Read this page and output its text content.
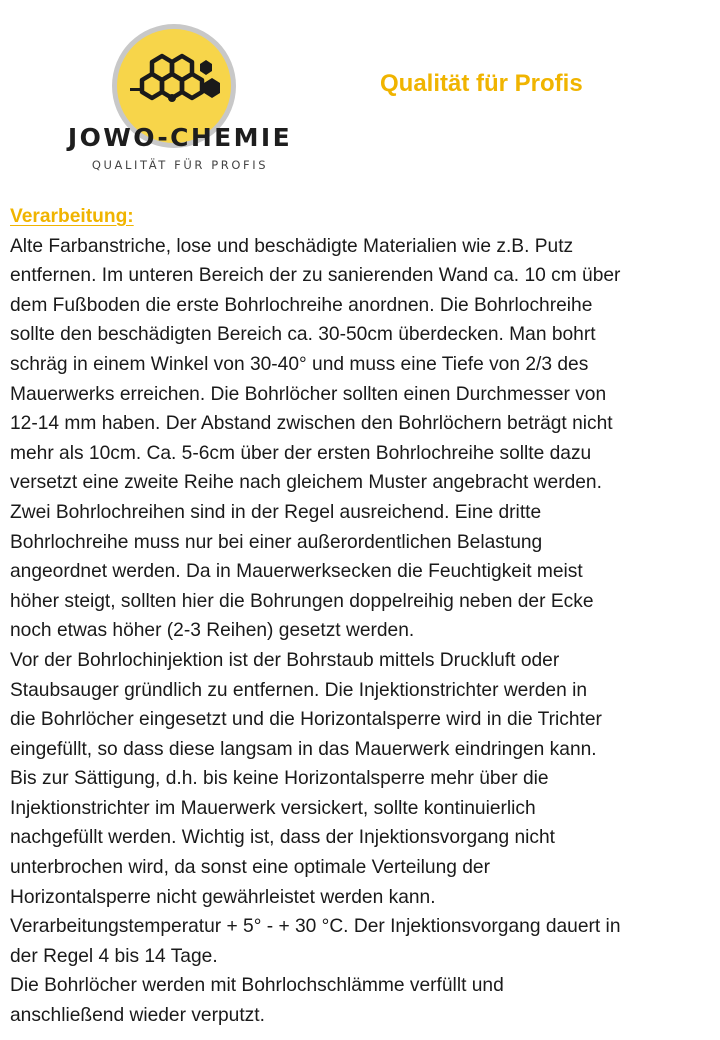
JOWO-CHEMIE
QUALITÄT FÜR PROFIS
Qualität für Profis
Verarbeitung:
Alte Farbanstriche, lose und beschädigte Materialien wie z.B. Putz
entfernen. Im unteren Bereich der zu sanierenden Wand ca. 10 cm über
dem Fußboden die erste Bohrlochreihe anordnen. Die Bohrlochreihe
sollte den beschädigten Bereich ca. 30-50cm überdecken. Man bohrt
schräg in einem Winkel von 30-40° und muss eine Tiefe von 2/3 des
Mauerwerks erreichen. Die Bohrlöcher sollten einen Durchmesser von
12-14 mm haben. Der Abstand zwischen den Bohrlöchern beträgt nicht
mehr als 10cm. Ca. 5-6cm über der ersten Bohrlochreihe sollte dazu
versetzt eine zweite Reihe nach gleichem Muster angebracht werden.
Zwei Bohrlochreihen sind in der Regel ausreichend. Eine dritte
Bohrlochreihe muss nur bei einer außerordentlichen Belastung
angeordnet werden. Da in Mauerwerksecken die Feuchtigkeit meist
höher steigt, sollten hier die Bohrungen doppelreihig neben der Ecke
noch etwas höher (2-3 Reihen) gesetzt werden.
Vor der Bohrlochinjektion ist der Bohrstaub mittels Druckluft oder
Staubsauger gründlich zu entfernen. Die Injektionstrichter werden in
die Bohrlöcher eingesetzt und die Horizontalsperre wird in die Trichter
eingefüllt, so dass diese langsam in das Mauerwerk eindringen kann.
Bis zur Sättigung, d.h. bis keine Horizontalsperre mehr über die
Injektionstrichter im Mauerwerk versickert, sollte kontinuierlich
nachgefüllt werden. Wichtig ist, dass der Injektionsvorgang nicht
unterbrochen wird, da sonst eine optimale Verteilung der
Horizontalsperre nicht gewährleistet werden kann.
Verarbeitungstemperatur + 5° - + 30 °C. Der Injektionsvorgang dauert in
der Regel 4 bis 14 Tage.
Die Bohrlöcher werden mit Bohrlochschlämme verfüllt und
anschließend wieder verputzt.
